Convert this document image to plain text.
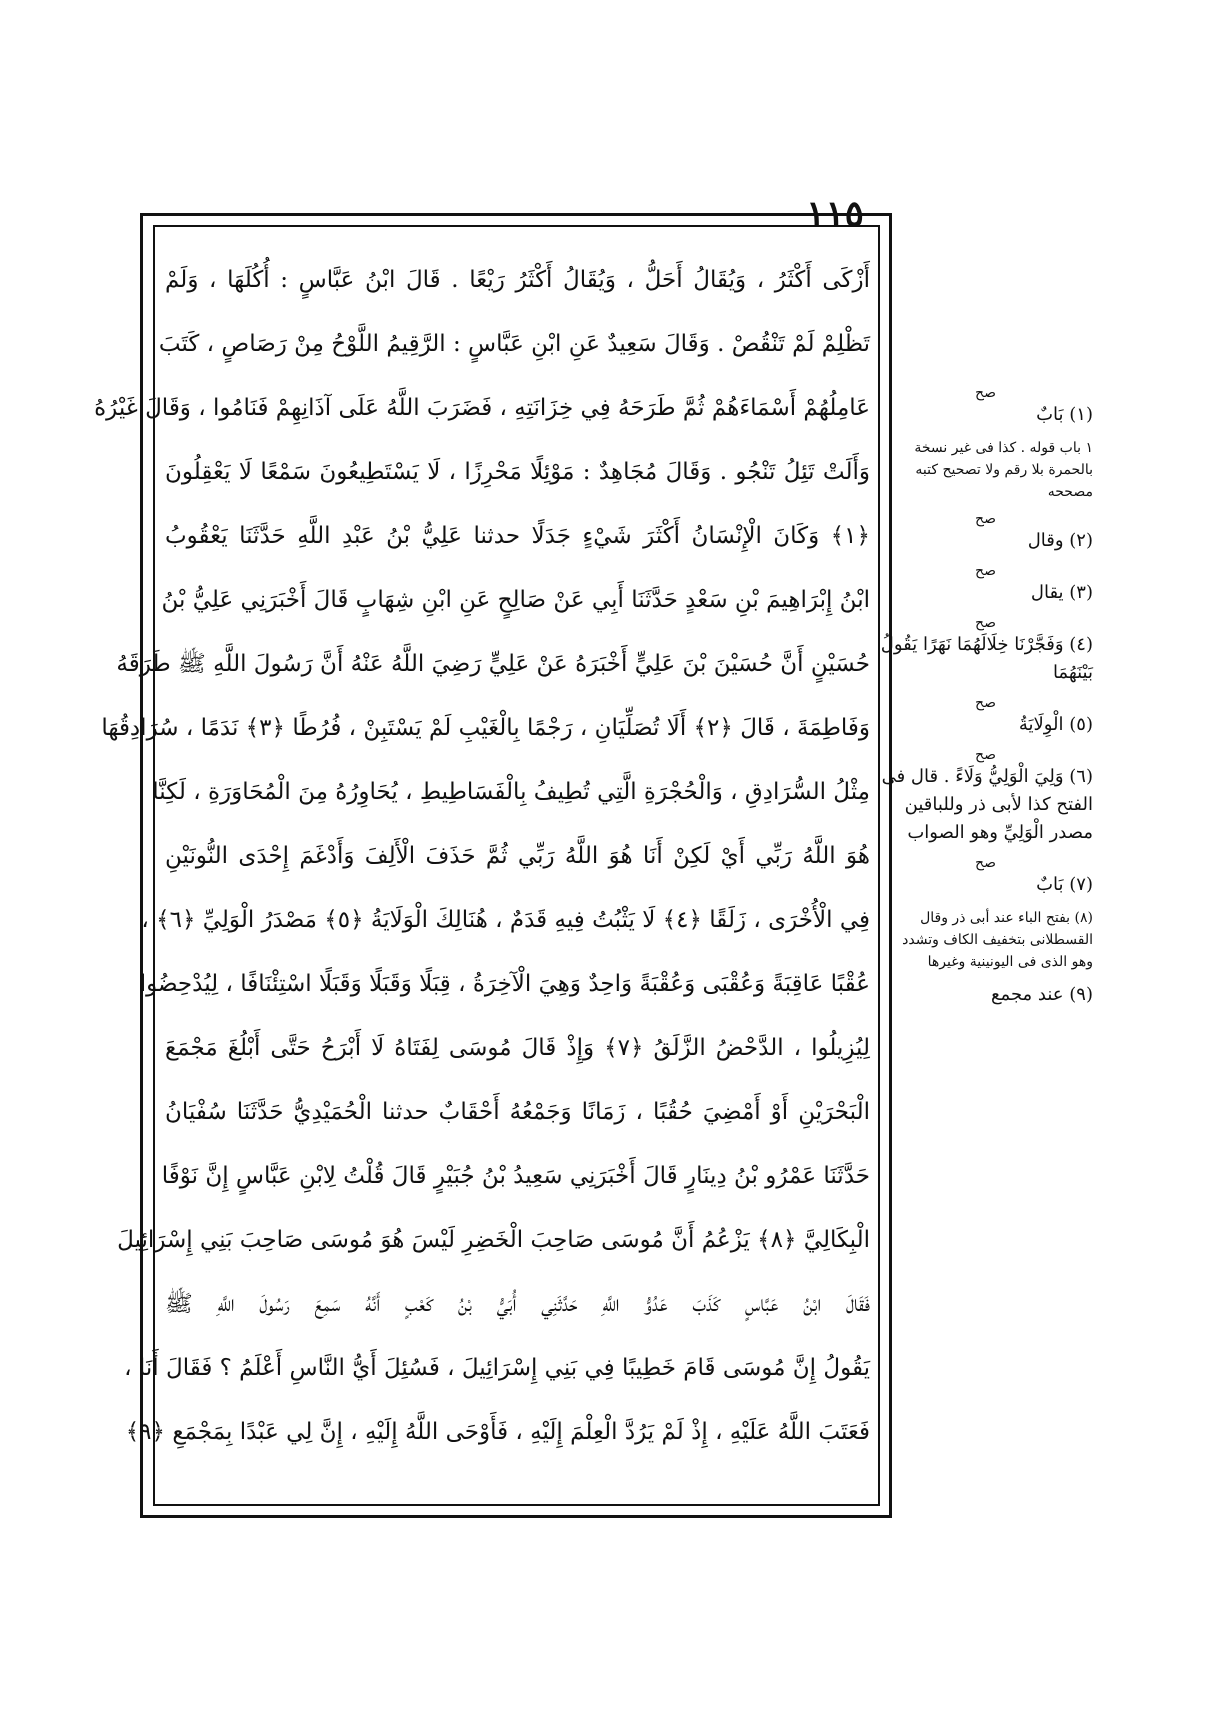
١١٥
أَزْكَى أَكْثَرُ ، وَيُقَالُ أَحَلُّ ، وَيُقَالُ أَكْثَرُ رَيْعًا . قَالَ ابْنُ عَبَّاسٍ : أُكُلَهَا ، وَلَمْ
تَظْلِمْ لَمْ تَنْقُصْ . وَقَالَ سَعِيدٌ عَنِ ابْنِ عَبَّاسٍ : الرَّقِيمُ اللَّوْحُ مِنْ رَصَاصٍ ، كَتَبَ
عَامِلُهُمْ أَسْمَاءَهُمْ ثُمَّ طَرَحَهُ فِي خِزَانَتِهِ ، فَضَرَبَ اللَّهُ عَلَى آذَانِهِمْ فَنَامُوا ، وَقَالَ غَيْرُهُ
وَأَلَتْ تَئِلُ تَنْجُو . وَقَالَ مُجَاهِدٌ : مَوْئِلًا مَحْرِزًا ، لَا يَسْتَطِيعُونَ سَمْعًا لَا يَعْقِلُونَ
﴿١﴾ وَكَانَ الْإِنْسَانُ أَكْثَرَ شَيْءٍ جَدَلًا حدثنا عَلِيُّ بْنُ عَبْدِ اللَّهِ حَدَّثَنَا يَعْقُوبُ
ابْنُ إِبْرَاهِيمَ بْنِ سَعْدٍ حَدَّثَنَا أَبِي عَنْ صَالِحٍ عَنِ ابْنِ شِهَابٍ قَالَ أَخْبَرَنِي عَلِيُّ بْنُ
حُسَيْنٍ أَنَّ حُسَيْنَ بْنَ عَلِيٍّ أَخْبَرَهُ عَنْ عَلِيٍّ رَضِيَ اللَّهُ عَنْهُ أَنَّ رَسُولَ اللَّهِ ﷺ طَرَقَهُ
وَفَاطِمَةَ ، قَالَ ﴿٢﴾ أَلَا تُصَلِّيَانِ ، رَجْمًا بِالْغَيْبِ لَمْ يَسْتَبِنْ ، فُرُطًا ﴿٣﴾ نَدَمًا ، سُرَادِقُهَا
مِثْلُ السُّرَادِقِ ، وَالْحُجْرَةِ الَّتِي تُطِيفُ بِالْفَسَاطِيطِ ، يُحَاوِرُهُ مِنَ الْمُحَاوَرَةِ ، لَكِنَّا
هُوَ اللَّهُ رَبِّي أَيْ لَكِنْ أَنَا هُوَ اللَّهُ رَبِّي ثُمَّ حَذَفَ الْأَلِفَ وَأَدْغَمَ إِحْدَى النُّونَيْنِ
فِي الْأُخْرَى ، زَلَقًا ﴿٤﴾ لَا يَثْبُتُ فِيهِ قَدَمٌ ، هُنَالِكَ الْوَلَايَةُ ﴿٥﴾ مَصْدَرُ الْوَلِيِّ ﴿٦﴾ ،
عُقْبًا عَاقِبَةً وَعُقْبَى وَعُقْبَةً وَاحِدٌ وَهِيَ الْآخِرَةُ ، قِبَلًا وَقَبَلًا وَقَبَلًا اسْتِئْنَافًا ، لِيُدْحِضُوا
لِيُزِيلُوا ، الدَّحْضُ الزَّلَقُ ﴿٧﴾ وَإِذْ قَالَ مُوسَى لِفَتَاهُ لَا أَبْرَحُ حَتَّى أَبْلُغَ مَجْمَعَ
الْبَحْرَيْنِ أَوْ أَمْضِيَ حُقُبًا ، زَمَانًا وَجَمْعُهُ أَحْقَابٌ حدثنا الْحُمَيْدِيُّ حَدَّثَنَا سُفْيَانُ
حَدَّثَنَا عَمْرُو بْنُ دِينَارٍ قَالَ أَخْبَرَنِي سَعِيدُ بْنُ جُبَيْرٍ قَالَ قُلْتُ لِابْنِ عَبَّاسٍ إِنَّ نَوْفًا
الْبِكَالِيَّ ﴿٨﴾ يَزْعُمُ أَنَّ مُوسَى صَاحِبَ الْخَضِرِ لَيْسَ هُوَ مُوسَى صَاحِبَ بَنِي إِسْرَائِيلَ
فَقَالَ ابْنُ عَبَّاسٍ كَذَبَ عَدُوُّ اللَّهِ حَدَّثَنِي أُبَيُّ بْنُ كَعْبٍ أَنَّهُ سَمِعَ رَسُولَ اللَّهِ ﷺ
يَقُولُ إِنَّ مُوسَى قَامَ خَطِيبًا فِي بَنِي إِسْرَائِيلَ ، فَسُئِلَ أَيُّ النَّاسِ أَعْلَمُ ؟ فَقَالَ أَنَا ،
فَعَتَبَ اللَّهُ عَلَيْهِ ، إِذْ لَمْ يَرُدَّ الْعِلْمَ إِلَيْهِ ، فَأَوْحَى اللَّهُ إِلَيْهِ ، إِنَّ لِي عَبْدًا بِمَجْمَعِ ﴿٩﴾
صح
(١) بَابٌ
١ باب قوله . كذا فى غير نسخة بالحمرة بلا رقم ولا تصحيح كتبه مصححه
صح
(٢) وقال
صح
(٣) يقال
صح
(٤) وَفَجَّرْنَا خِلَالَهُمَا نَهَرًا يَقُولُ بَيْنَهُمَا
صح
(٥) الْوِلَايَةُ
صح
(٦) وَلِيَ الْوَلِيُّ وَلَاءً . قال فى الفتح كذا لأبى ذر وللباقين مصدر الْوَلِيِّ وهو الصواب
صح
(٧) بَابٌ
(٨) بفتح الباء عند أبى ذر وقال القسطلانى بتخفيف الكاف وتشدد وهو الذى فى اليونينية وغيرها
(٩) عند مجمع
